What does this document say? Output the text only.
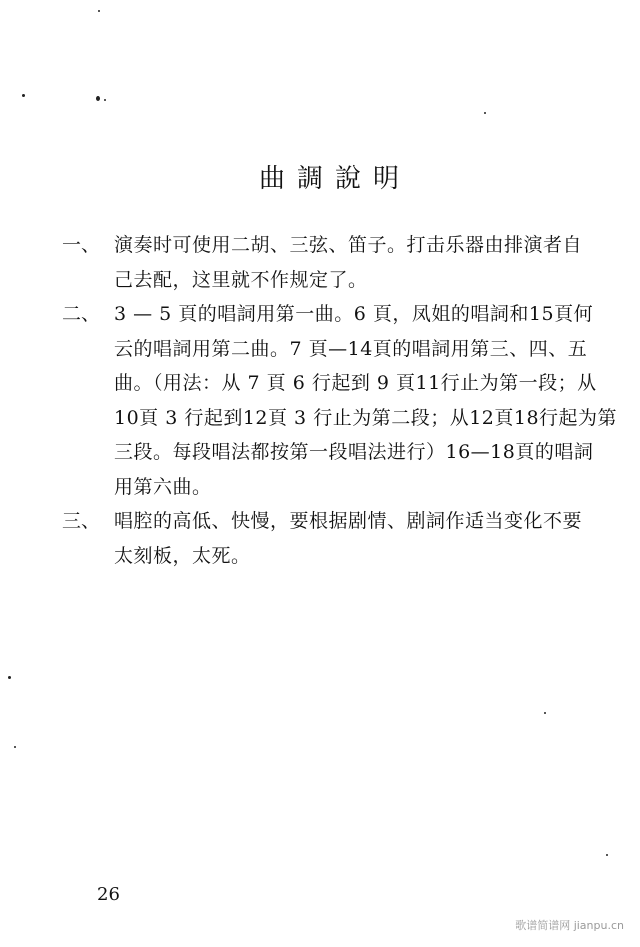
曲調說明
一、 演奏时可使用二胡、三弦、笛子。打击乐器由排演者自
己去配，这里就不作规定了。
二、 3 — 5 頁的唱詞用第一曲。6 頁，凤姐的唱詞和15頁何
云的唱詞用第二曲。7 頁—14頁的唱詞用第三、四、五
曲。（用法：从 7 頁 6 行起到 9 頁11行止为第一段；从
10頁 3 行起到12頁 3 行止为第二段；从12頁18行起为第
三段。每段唱法都按第一段唱法进行）16—18頁的唱詞
用第六曲。
三、 唱腔的高低、快慢，要根据剧情、剧詞作适当变化不要
太刻板，太死。
26
歌谱简谱网 jianpu.cn
